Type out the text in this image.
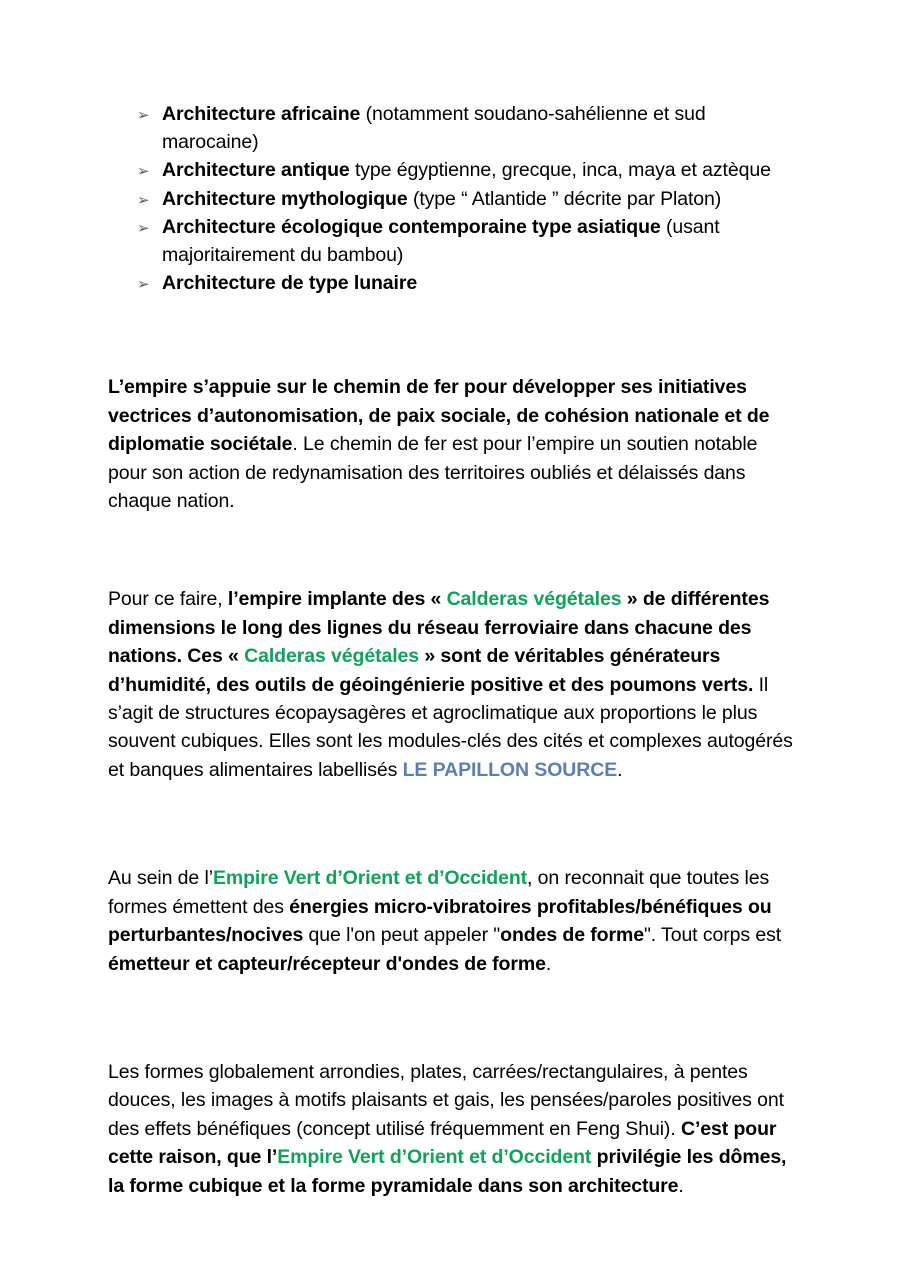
➢ Architecture africaine (notamment soudano-sahélienne et sud marocaine)
➢ Architecture antique type égyptienne, grecque, inca, maya et aztèque
➢ Architecture mythologique (type “ Atlantide ” décrite par Platon)
➢ Architecture écologique contemporaine type asiatique (usant majoritairement du bambou)
➢ Architecture de type lunaire

L’empire s’appuie sur le chemin de fer pour développer ses initiatives vectrices d’autonomisation, de paix sociale, de cohésion nationale et de diplomatie sociétale. Le chemin de fer est pour l’empire un soutien notable pour son action de redynamisation des territoires oubliés et délaissés dans chaque nation.

Pour ce faire, l’empire implante des « Calderas végétales » de différentes dimensions le long des lignes du réseau ferroviaire dans chacune des nations. Ces « Calderas végétales » sont de véritables générateurs d’humidité, des outils de géoingénierie positive et des poumons verts. Il s’agit de structures écopaysagères et agroclimatique aux proportions le plus souvent cubiques. Elles sont les modules-clés des cités et complexes autogérés et banques alimentaires labellisés LE PAPILLON SOURCE.

Au sein de l’Empire Vert d’Orient et d’Occident, on reconnait que toutes les formes émettent des énergies micro-vibratoires profitables/bénéfiques ou perturbantes/nocives que l'on peut appeler "ondes de forme". Tout corps est émetteur et capteur/récepteur d'ondes de forme.

Les formes globalement arrondies, plates, carrées/rectangulaires, à pentes douces, les images à motifs plaisants et gais, les pensées/paroles positives ont des effets bénéfiques (concept utilisé fréquemment en Feng Shui). C’est pour cette raison, que l’Empire Vert d’Orient et d’Occident privilégie les dômes, la forme cubique et la forme pyramidale dans son architecture.
